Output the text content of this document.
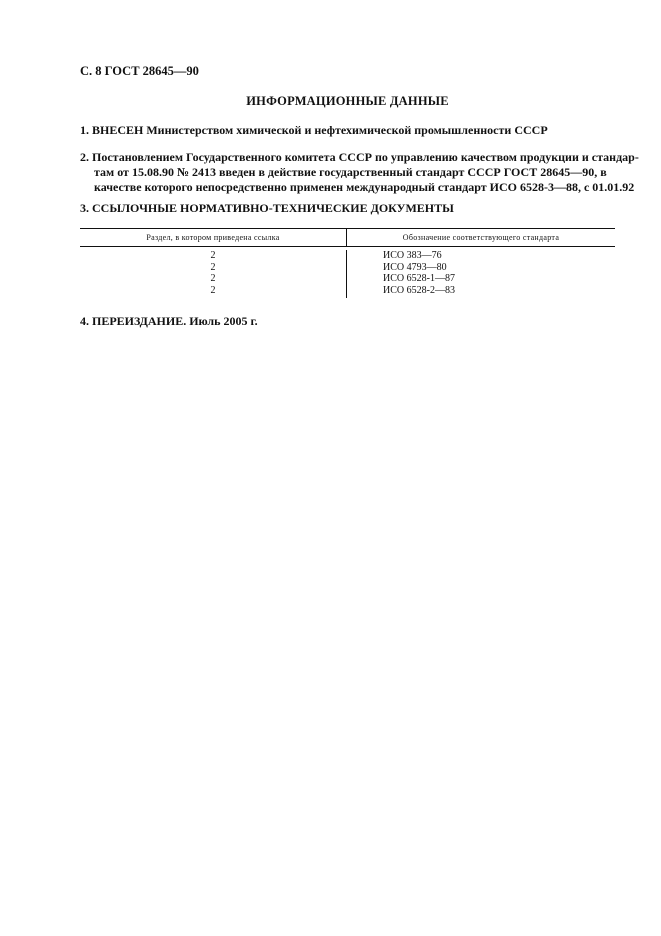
С. 8 ГОСТ 28645—90
ИНФОРМАЦИОННЫЕ ДАННЫЕ
1. ВНЕСЕН Министерством химической и нефтехимической промышленности СССР
2. Постановлением Государственного комитета СССР по управлению качеством продукции и стандар-
там от 15.08.90 № 2413 введен в действие государственный стандарт СССР ГОСТ 28645—90, в
качестве которого непосредственно применен международный стандарт ИСО 6528-3—88, с 01.01.92
3. ССЫЛОЧНЫЕ НОРМАТИВНО-ТЕХНИЧЕСКИЕ ДОКУМЕНТЫ
Раздел, в котором приведена ссылка	Обозначение соответствующего стандарта
2
2
2
2
ИСО 383—76
ИСО 4793—80
ИСО 6528-1—87
ИСО 6528-2—83
4. ПЕРЕИЗДАНИЕ. Июль 2005 г.
